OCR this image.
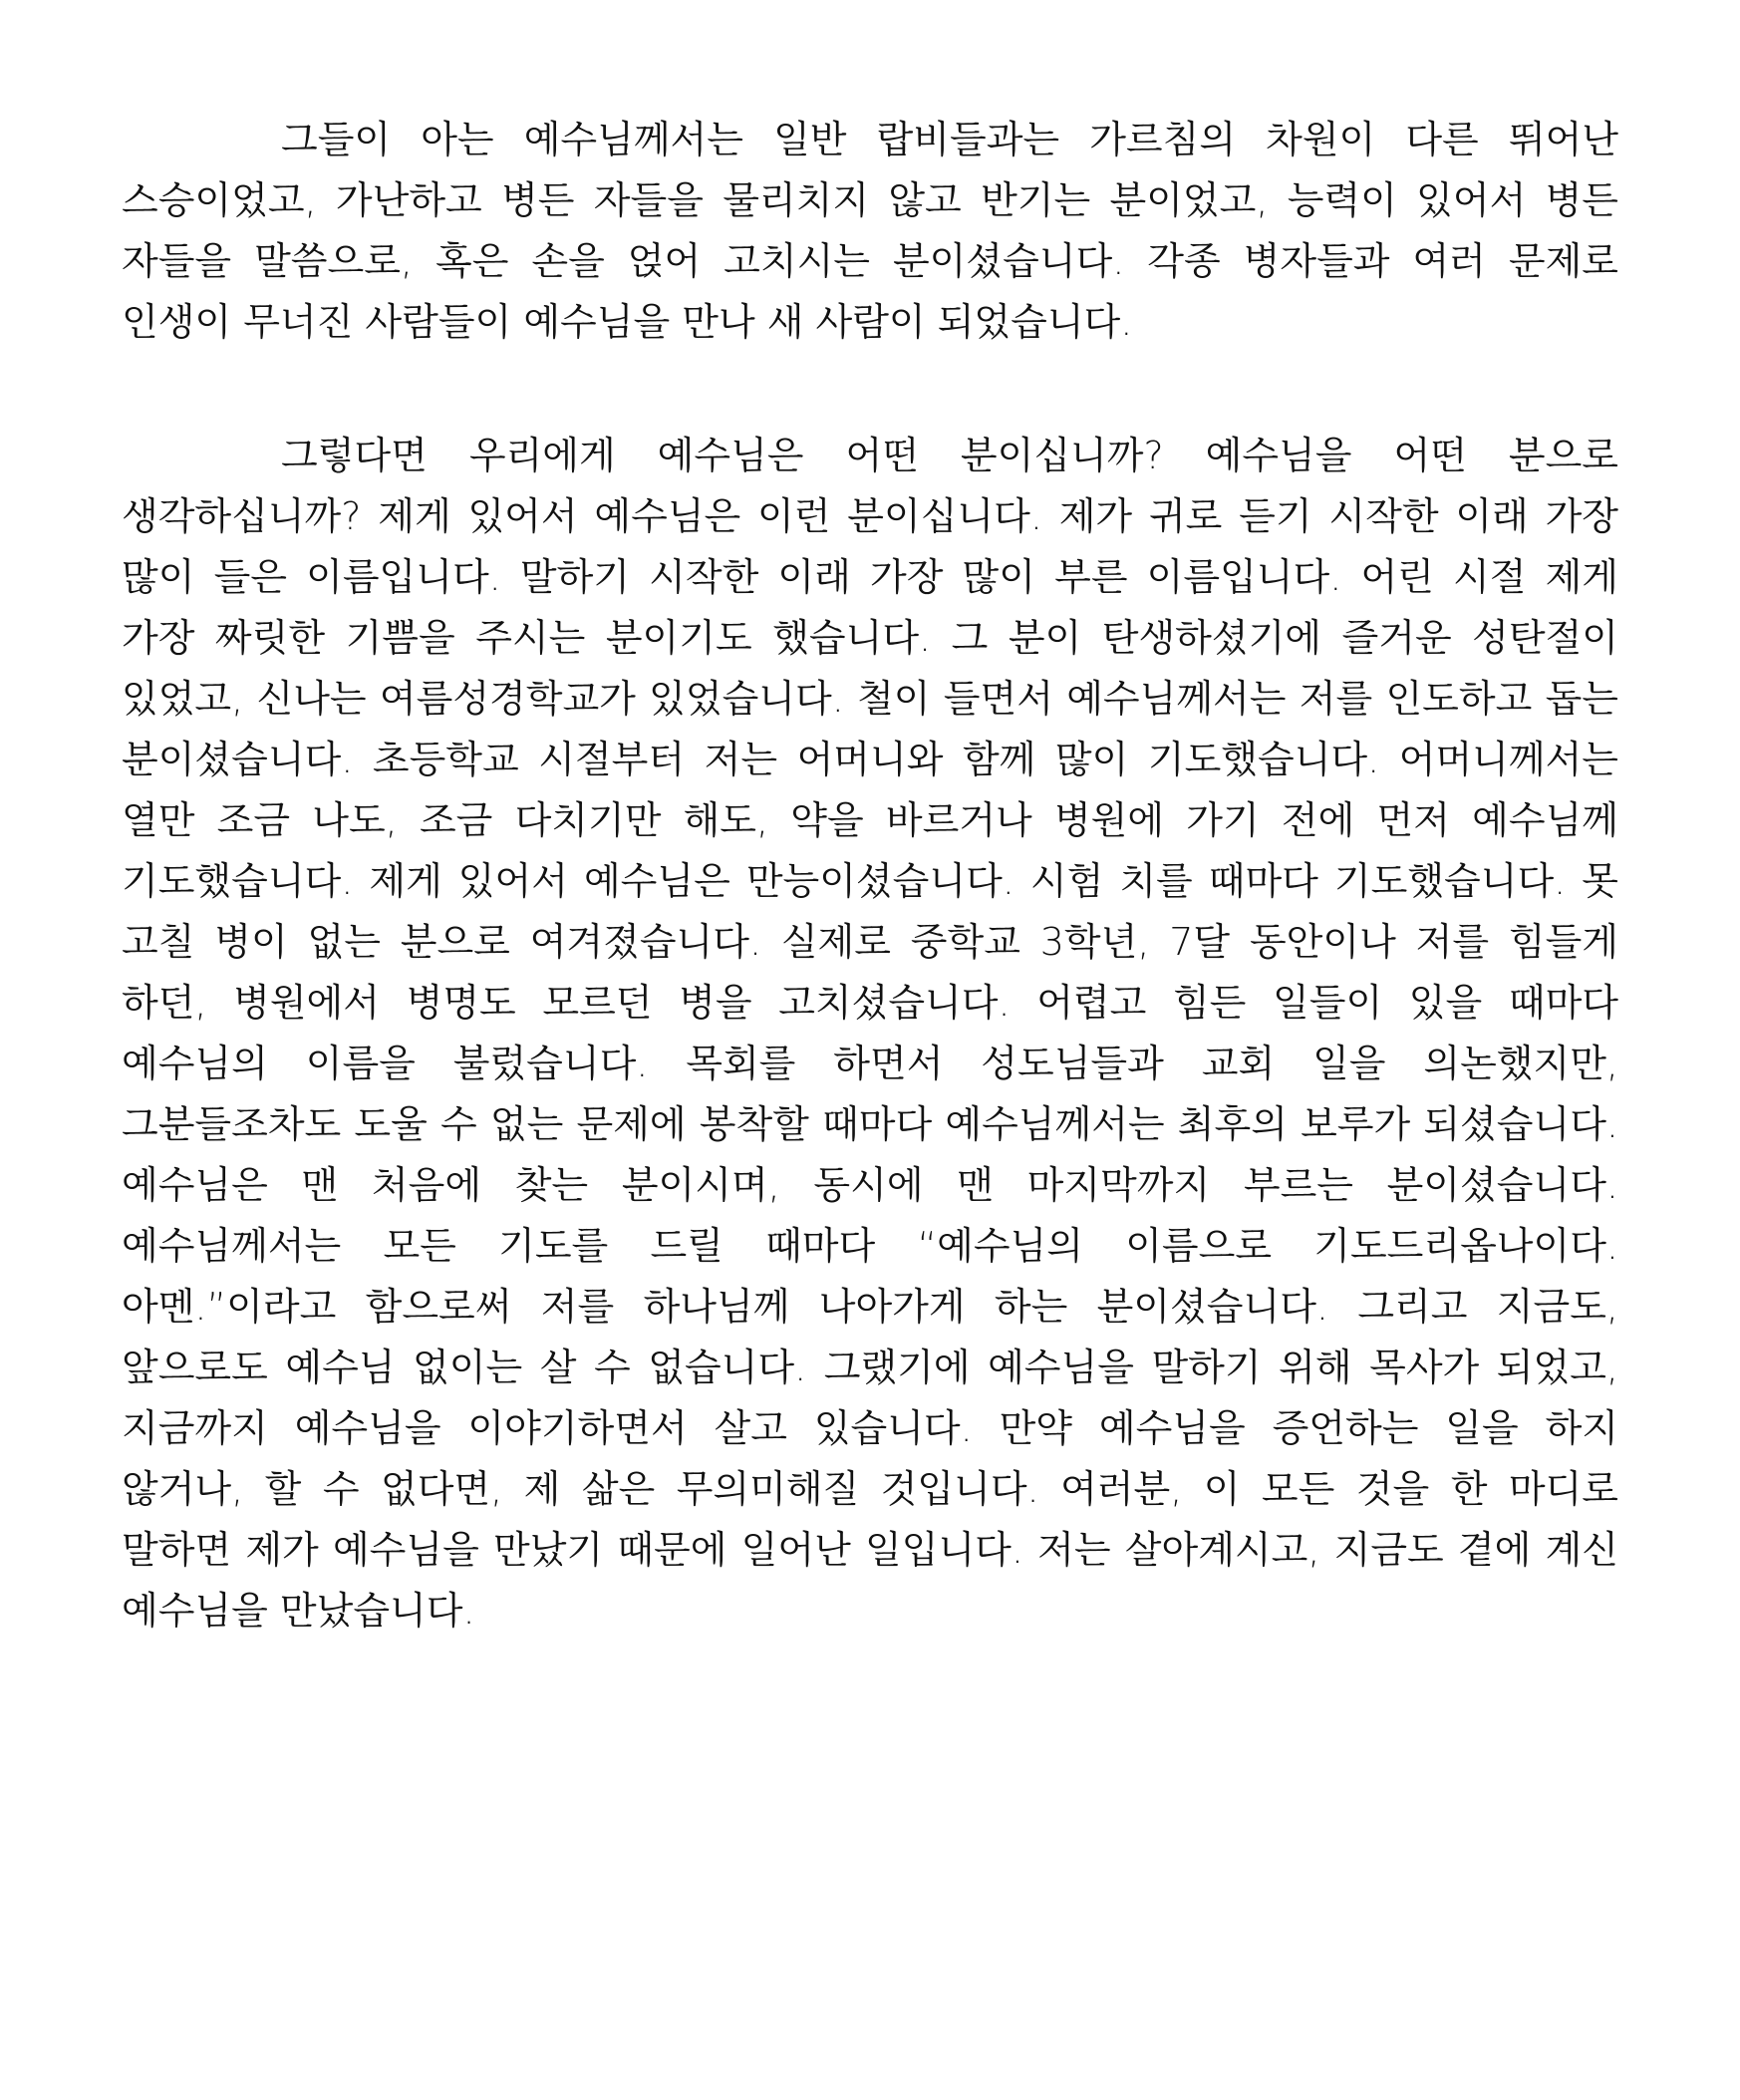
그들이 아는 예수님께서는 일반 랍비들과는 가르침의 차원이 다른 뛰어난 스승이었고, 가난하고 병든 자들을 물리치지 않고 반기는 분이었고, 능력이 있어서 병든 자들을 말씀으로, 혹은 손을 얹어 고치시는 분이셨습니다. 각종 병자들과 여러 문제로 인생이 무너진 사람들이 예수님을 만나 새 사람이 되었습니다.

그렇다면 우리에게 예수님은 어떤 분이십니까? 예수님을 어떤 분으로 생각하십니까? 제게 있어서 예수님은 이런 분이십니다. 제가 귀로 듣기 시작한 이래 가장 많이 들은 이름입니다. 말하기 시작한 이래 가장 많이 부른 이름입니다. 어린 시절 제게 가장 짜릿한 기쁨을 주시는 분이기도 했습니다. 그 분이 탄생하셨기에 즐거운 성탄절이 있었고, 신나는 여름성경학교가 있었습니다. 철이 들면서 예수님께서는 저를 인도하고 돕는 분이셨습니다. 초등학교 시절부터 저는 어머니와 함께 많이 기도했습니다. 어머니께서는 열만 조금 나도, 조금 다치기만 해도, 약을 바르거나 병원에 가기 전에 먼저 예수님께 기도했습니다. 제게 있어서 예수님은 만능이셨습니다. 시험 치를 때마다 기도했습니다. 못 고칠 병이 없는 분으로 여겨졌습니다. 실제로 중학교 3학년, 7달 동안이나 저를 힘들게 하던, 병원에서 병명도 모르던 병을 고치셨습니다. 어렵고 힘든 일들이 있을 때마다 예수님의 이름을 불렀습니다. 목회를 하면서 성도님들과 교회 일을 의논했지만, 그분들조차도 도울 수 없는 문제에 봉착할 때마다 예수님께서는 최후의 보루가 되셨습니다. 예수님은 맨 처음에 찾는 분이시며, 동시에 맨 마지막까지 부르는 분이셨습니다. 예수님께서는 모든 기도를 드릴 때마다 “예수님의 이름으로 기도드리옵나이다. 아멘.”이라고 함으로써 저를 하나님께 나아가게 하는 분이셨습니다. 그리고 지금도, 앞으로도 예수님 없이는 살 수 없습니다. 그랬기에 예수님을 말하기 위해 목사가 되었고, 지금까지 예수님을 이야기하면서 살고 있습니다. 만약 예수님을 증언하는 일을 하지 않거나, 할 수 없다면, 제 삶은 무의미해질 것입니다. 여러분, 이 모든 것을 한 마디로 말하면 제가 예수님을 만났기 때문에 일어난 일입니다. 저는 살아계시고, 지금도 곁에 계신 예수님을 만났습니다.
